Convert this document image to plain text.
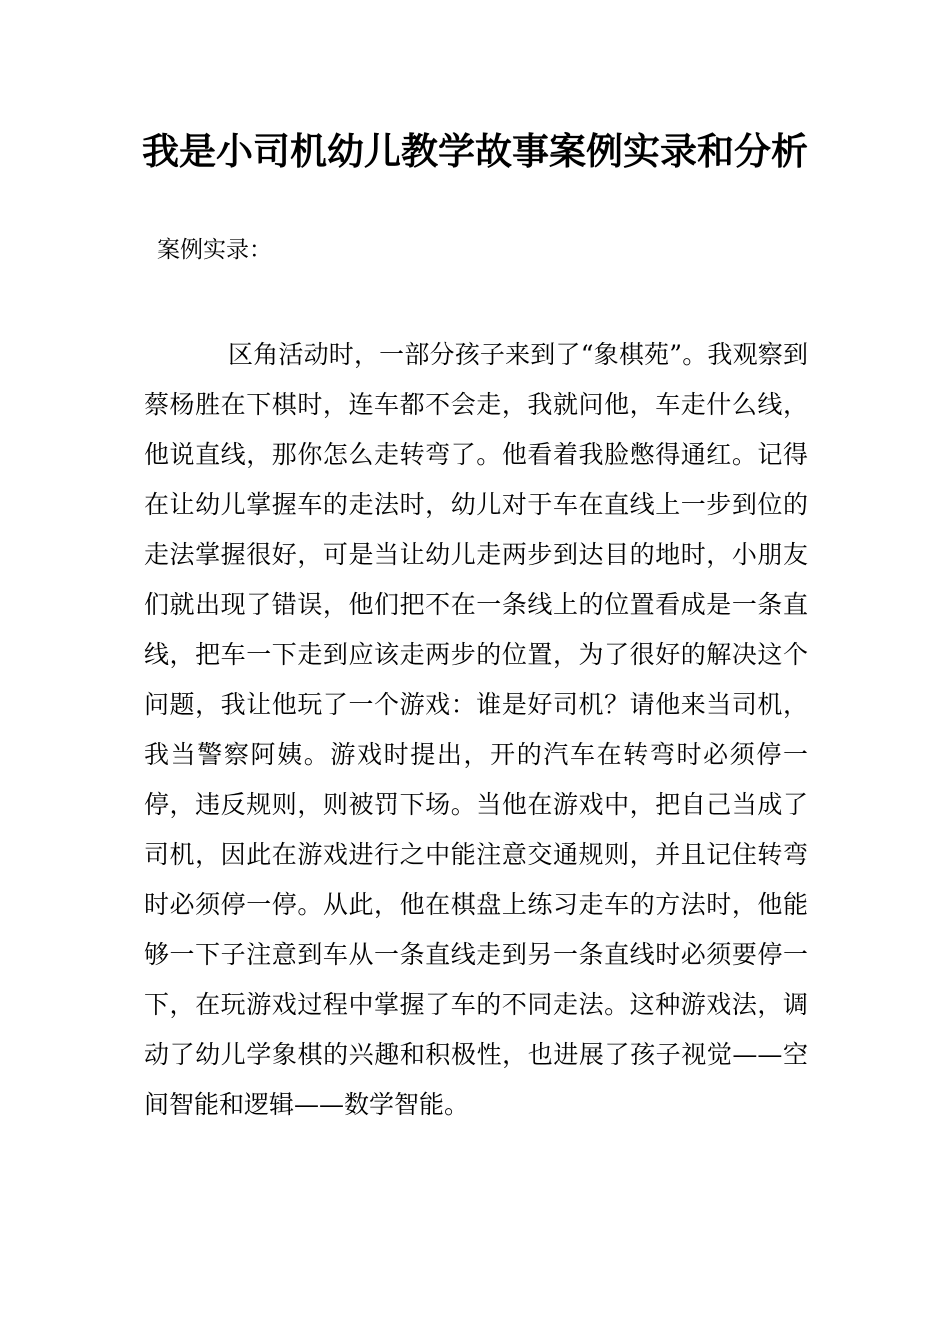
我是小司机幼儿教学故事案例实录和分析

案例实录：

区角活动时，一部分孩子来到了“象棋苑”。我观察到蔡杨胜在下棋时，连车都不会走，我就问他，车走什么线，他说直线，那你怎么走转弯了。他看着我脸憋得通红。记得在让幼儿掌握车的走法时，幼儿对于车在直线上一步到位的走法掌握很好，可是当让幼儿走两步到达目的地时，小朋友们就出现了错误，他们把不在一条线上的位置看成是一条直线，把车一下走到应该走两步的位置，为了很好的解决这个问题，我让他玩了一个游戏：谁是好司机？请他来当司机，我当警察阿姨。游戏时提出，开的汽车在转弯时必须停一停，违反规则，则被罚下场。当他在游戏中，把自己当成了司机，因此在游戏进行之中能注意交通规则，并且记住转弯时必须停一停。从此，他在棋盘上练习走车的方法时，他能够一下子注意到车从一条直线走到另一条直线时必须要停一下，在玩游戏过程中掌握了车的不同走法。这种游戏法，调动了幼儿学象棋的兴趣和积极性，也进展了孩子视觉——空间智能和逻辑——数学智能。
